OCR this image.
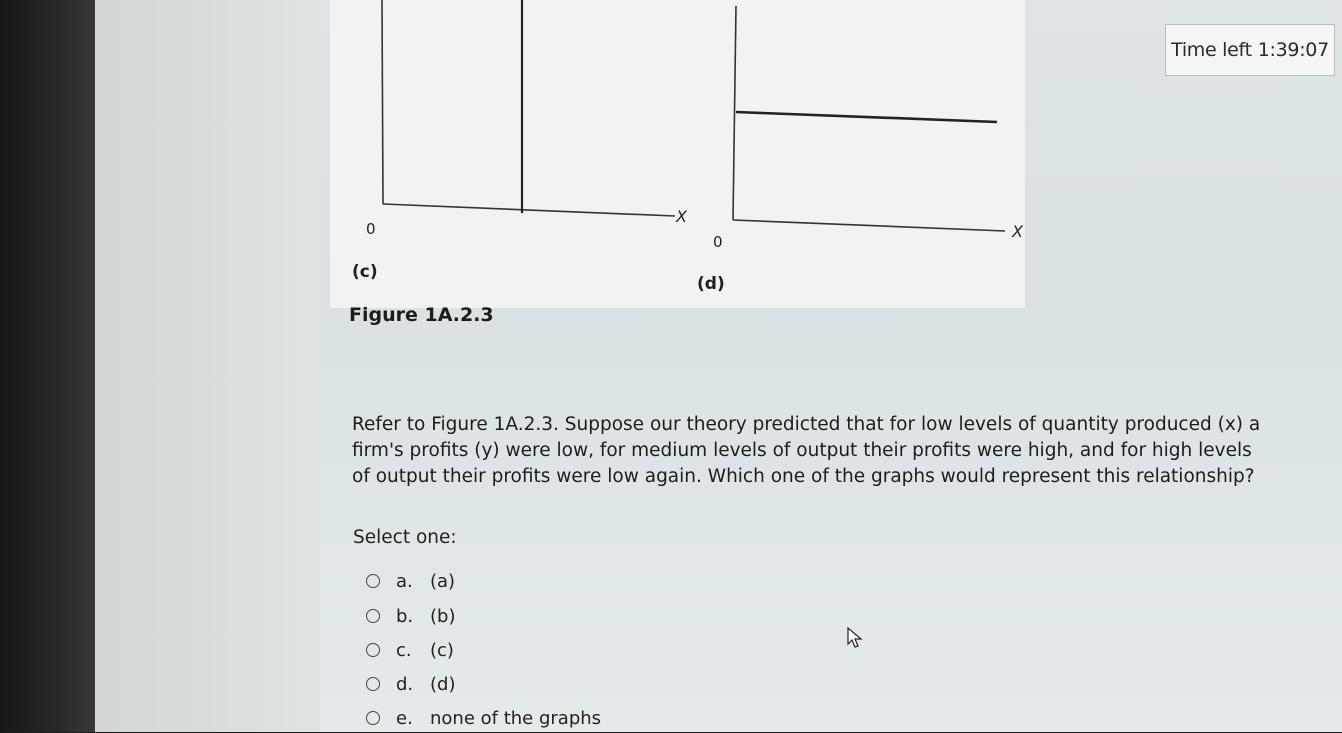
0
X
(c)
0
X
(d)
Figure 1A.2.3
Time left 1:39:07
Refer to Figure 1A.2.3. Suppose our theory predicted that for low levels of quantity produced (x) a firm's profits (y) were low, for medium levels of output their profits were high, and for high levels of output their profits were low again. Which one of the graphs would represent this relationship?
Select one:
a. (a)
b. (b)
c.	(c)
d. (d)
e. none of the graphs
